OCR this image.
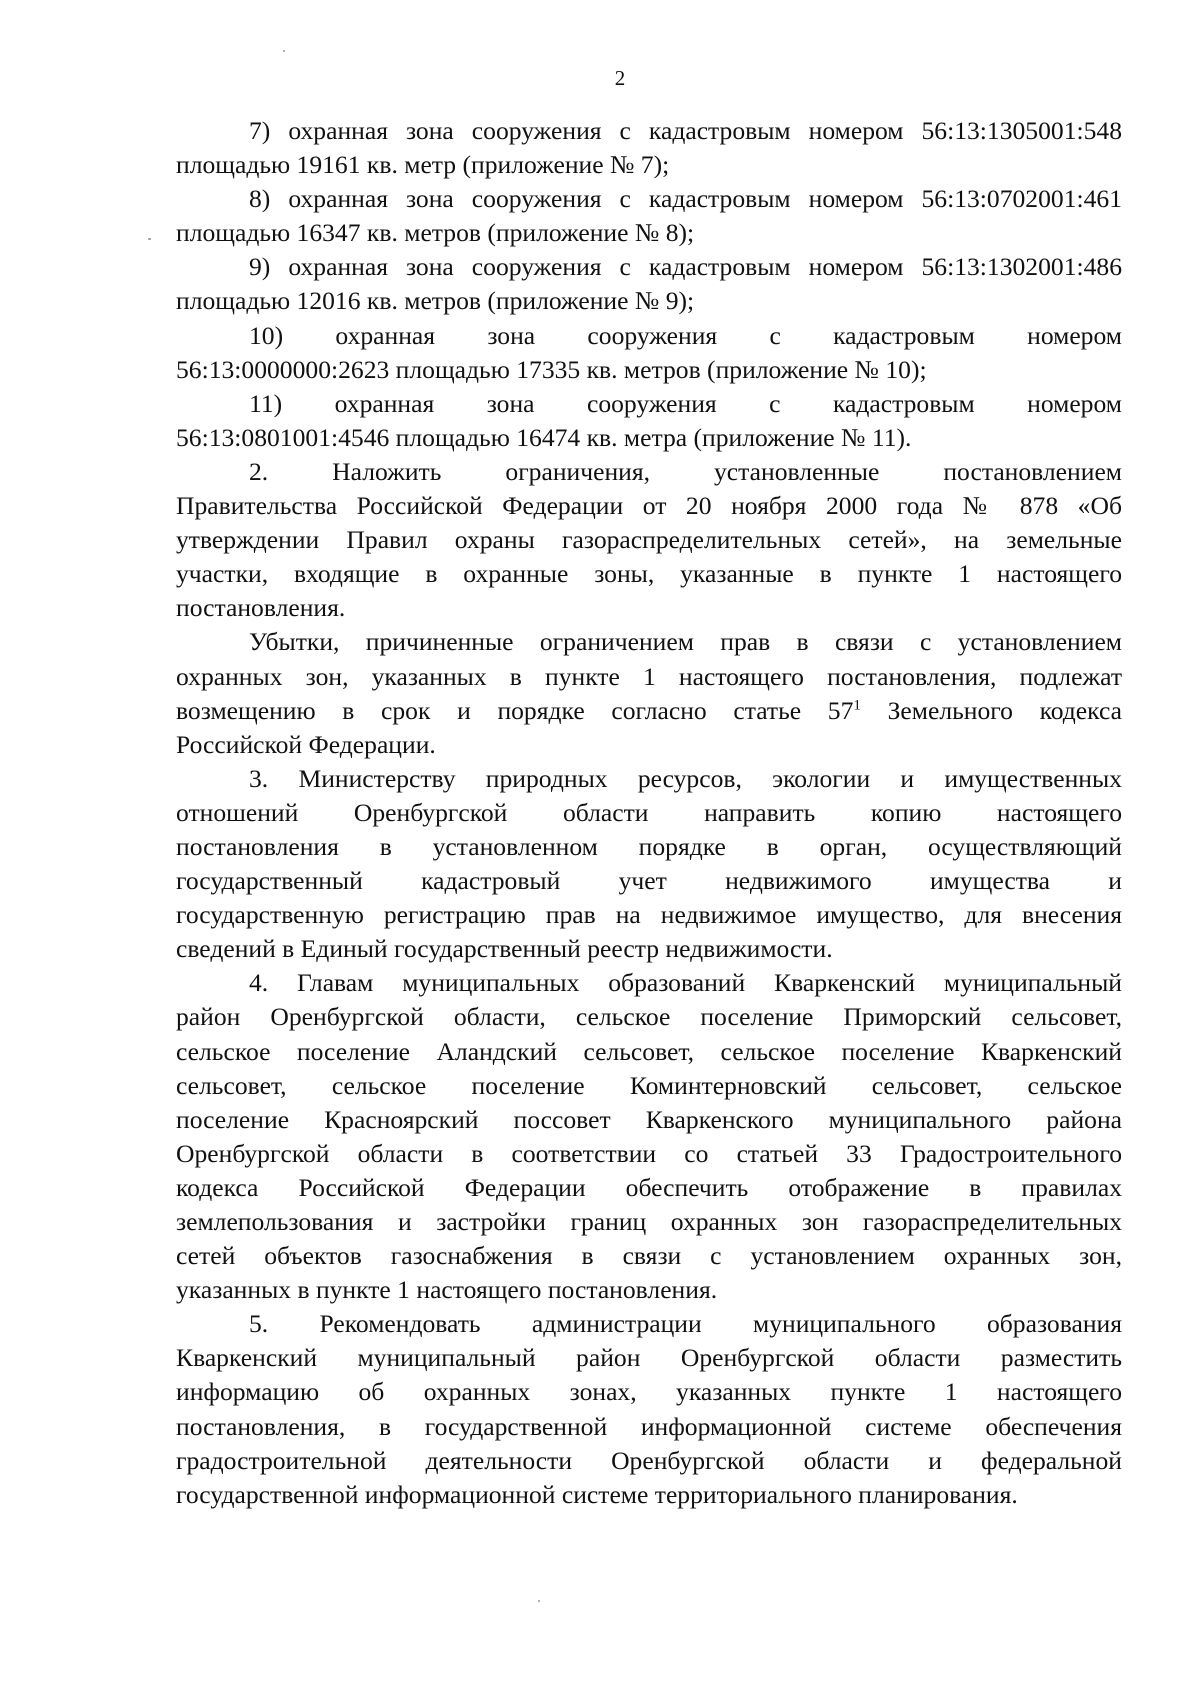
2

7) охранная зона сооружения с кадастровым номером 56:13:1305001:548
площадью 19161 кв. метр (приложение № 7);

8) охранная зона сооружения с кадастровым номером 56:13:0702001:461
площадью 16347 кв. метров (приложение № 8);

9) охранная зона сооружения с кадастровым номером 56:13:1302001:486
площадью 12016 кв. метров (приложение № 9);

10) охранная зона сооружения с кадастровым номером
56:13:0000000:2623 площадью 17335 кв. метров (приложение № 10);

11) охранная зона сооружения с кадастровым номером
56:13:0801001:4546 площадью 16474 кв. метра (приложение № 11).

2. Наложить ограничения, установленные постановлением
Правительства Российской Федерации от 20 ноября 2000 года № 878 «Об
утверждении Правил охраны газораспределительных сетей», на земельные
участки, входящие в охранные зоны, указанные в пункте 1 настоящего
постановления.

Убытки, причиненные ограничением прав в связи с установлением
охранных зон, указанных в пункте 1 настоящего постановления, подлежат
возмещению в срок и порядке согласно статье $57^1$ Земельного кодекса
Российской Федерации.

3. Министерству природных ресурсов, экологии и имущественных
отношений Оренбургской области направить копию настоящего
постановления в установленном порядке в орган, осуществляющий
государственный кадастровый учет недвижимого имущества и
государственную регистрацию прав на недвижимое имущество, для внесения
сведений в Единый государственный реестр недвижимости.

4. Главам муниципальных образований Кваркенский муниципальный
район Оренбургской области, сельское поселение Приморский сельсовет,
сельское поселение Аландский сельсовет, сельское поселение Кваркенский
сельсовет, сельское поселение Коминтерновский сельсовет, сельское
поселение Красноярский поссовет Кваркенского муниципального района
Оренбургской области в соответствии со статьей 33 Градостроительного
кодекса Российской Федерации обеспечить отображение в правилах
землепользования и застройки границ охранных зон газораспределительных
сетей объектов газоснабжения в связи с установлением охранных зон,
указанных в пункте 1 настоящего постановления.

5. Рекомендовать администрации муниципального образования
Кваркенский муниципальный район Оренбургской области разместить
информацию об охранных зонах, указанных пункте 1 настоящего
постановления, в государственной информационной системе обеспечения
градостроительной деятельности Оренбургской области и федеральной
государственной информационной системе территориального планирования.
